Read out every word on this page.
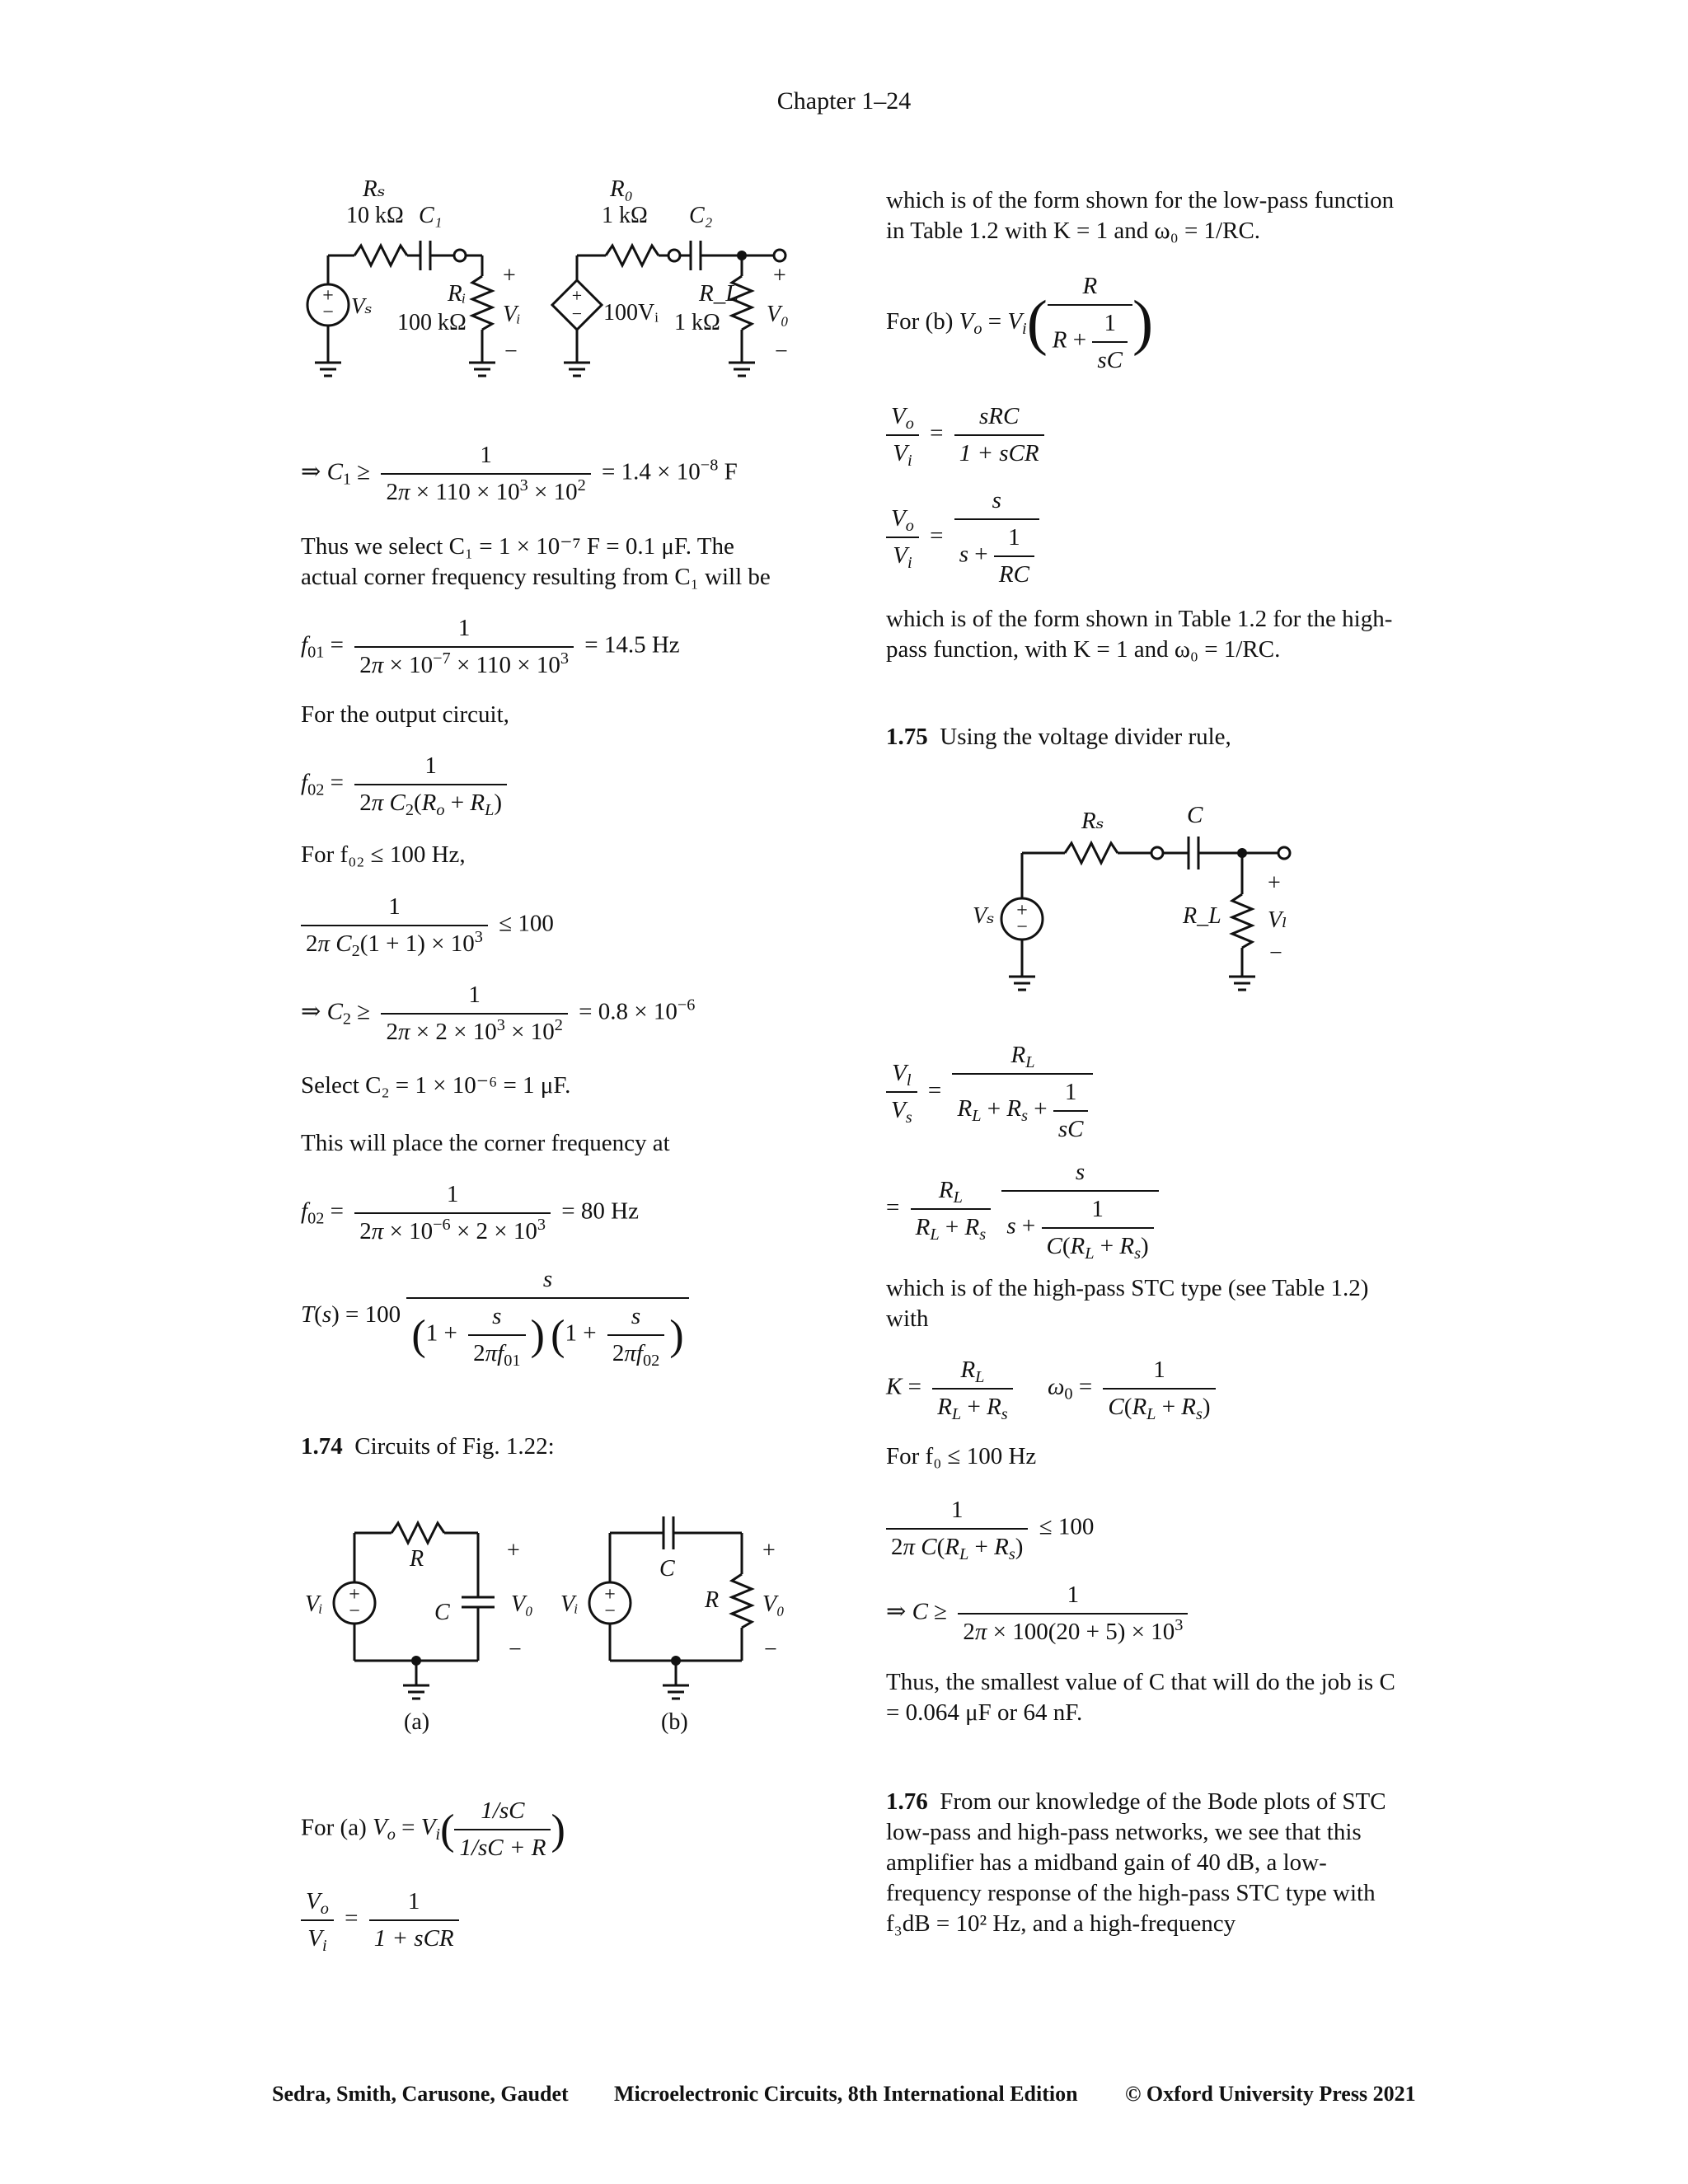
Chapter 1–24
+
−
+
−
Rₛ
10 kΩ C₁
Vₛ	Rᵢ
100 kΩ
+
Vᵢ
−
R₀
1 kΩ C₂
100Vᵢ
R_L
1 kΩ
+
V₀
−
⇒ $C_1 \ge \frac{1}{2\pi \times 110 \times 10^3 \times 10^2} = 1.4 \times 10^{-8}$ F
Thus we select C₁ = 1 × 10⁻⁷ F = 0.1 μF. The actual corner frequency resulting from C₁ will be
$f_{01} = \frac{1}{2\pi \times 10^{-7} \times 110 \times 10^3} = 14.5$ Hz
For the output circuit,
$f_{02} = \frac{1}{2\pi C_2(R_o + R_L)}$
For f₀₂ ≤ 100 Hz,
$\frac{1}{2\pi C_2(1 + 1) \times 10^3} \le 100$
⇒ $C_2 \ge \frac{1}{2\pi \times 2 \times 10^3 \times 10^2} = 0.8 \times 10^{-6}$
Select C₂ = 1 × 10⁻⁶ = 1 μF.
This will place the corner frequency at
$f_{02} = \frac{1}{2\pi \times 10^{-6} \times 2 \times 10^3} = 80$ Hz
$T(s) = 100 \frac{s}{(1 + \frac{s}{2\pi f_{01}} ) (1 + \frac{s}{2\pi f_{02}} )}$
1.74 Circuits of Fig. 1.22:
+
−
+
−
Vᵢ
R
C
+
V₀
−
(a)
Vᵢ
C
R
+
V₀
−
(b)
For (a) $V_o = V_i( \frac{1/sC}{1/sC + R}$ )
$\frac{V_o}{V_i} = \frac{1}{\text{1 + sCR}}$
which is of the form shown for the low-pass function in Table 1.2 with K = 1 and ω₀ = 1/RC.
For (b) $V_o = V_i( \frac{R}{R + \frac{1}{sC}}$ )
$\frac{V_o}{V_i} = \frac{\text{sRC}}{\text{1 + sCR}}$
$\frac{V_o}{V_i} = \frac{s}{s + \frac{1}{RC}}$
which is of the form shown in Table 1.2 for the high-pass function, with K = 1 and ω₀ = 1/RC.
1.75 Using the voltage divider rule,
+
−
Rₛ	C
Vₛ	R_L
+
Vₗ
−
$\frac{V_l}{V_s} = \frac{R_L}{R_L + R_s + \frac{1}{sC}}$
= $\frac{R_L}{R_L + R_s}$
$\frac{s}{s + \frac{1}{C(R_L + R_s)}}$
which is of the high-pass STC type (see Table 1.2) with
$K = \frac{R_L}{R_L + R_s} \omega_0 = \frac{1}{C(R_L + R_s)}$
For f₀ ≤ 100 Hz
$\frac{1}{2\pi C(R_L + R_s)} \le 100$
⇒ $C \ge \frac{1}{2\pi \times 100(20 + 5) \times 10^3}$
Thus, the smallest value of C that will do the job is C = 0.064 μF or 64 nF.
1.76 From our knowledge of the Bode plots of STC low-pass and high-pass networks, we see that this amplifier has a midband gain of 40 dB, a low-frequency response of the high-pass STC type with f₃dB = 10² Hz, and a high-frequency
Sedra, Smith, Carusone, Gaudet Microelectronic Circuits, 8th International Edition © Oxford University Press 2021
